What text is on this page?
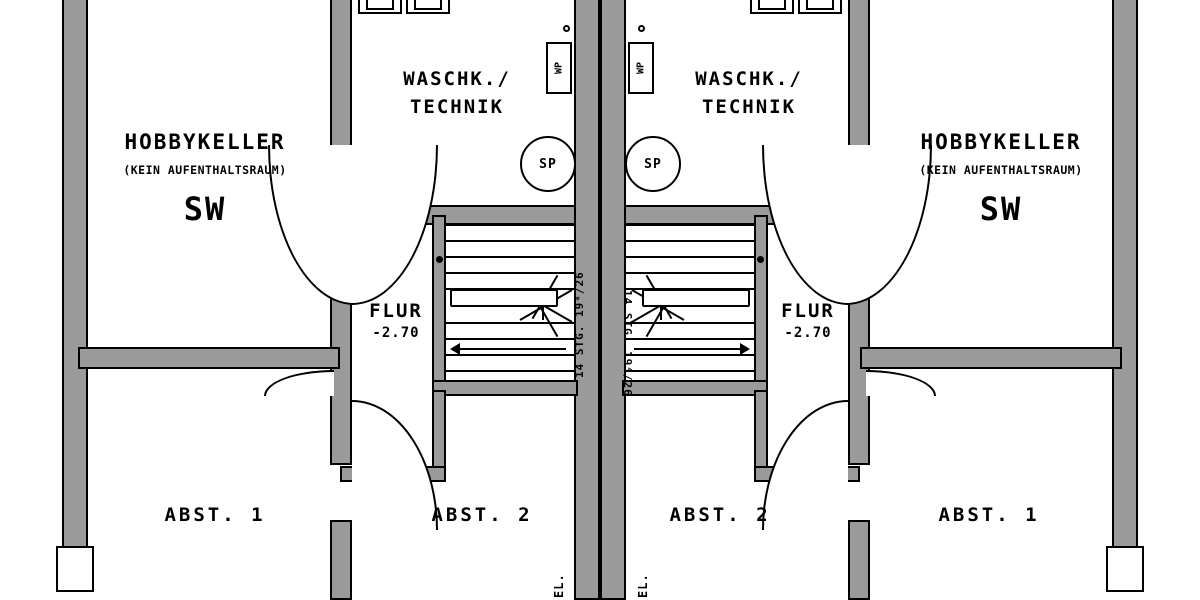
14 STG. 19⁴/26	14 STG. 19⁴/26
SP	SP
WP	WP
EL.	EL.
HOBBYKELLER
(KEIN AUFENTHALTSRAUM)
SW
WASCHK./
TECHNIK
FLUR
-2.70
ABST. 1	ABST. 2
HOBBYKELLER
(KEIN AUFENTHALTSRAUM)
SW
WASCHK./
TECHNIK
FLUR
-2.70
ABST. 1
ABST. 2
